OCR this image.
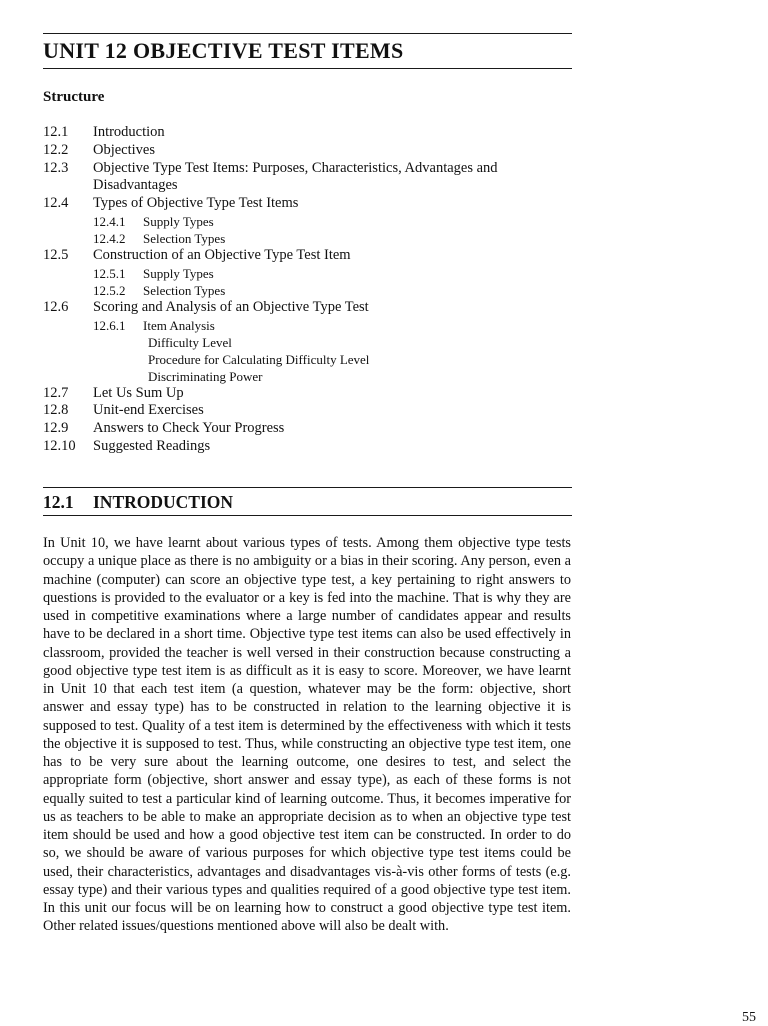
UNIT 12 OBJECTIVE TEST ITEMS
Structure
12.1	Introduction
12.2	Objectives
12.3	Objective Type Test Items: Purposes, Characteristics, Advantages and Disadvantages
12.4	Types of Objective Type Test Items
12.4.1	Supply Types
12.4.2	Selection Types
12.5	Construction of an Objective Type Test Item
12.5.1	Supply Types
12.5.2	Selection Types
12.6	Scoring and Analysis of an Objective Type Test
12.6.1	Item Analysis
Difficulty Level
Procedure for Calculating Difficulty Level
Discriminating Power
12.7	Let Us Sum Up
12.8	Unit-end Exercises
12.9	Answers to Check Your Progress
12.10	Suggested Readings
12.1 INTRODUCTION

In Unit 10, we have learnt about various types of tests. Among them objective type tests occupy a unique place as there is no ambiguity or a bias in their scoring. Any person, even a machine (computer) can score an objective type test, a key pertaining to right answers to questions is provided to the evaluator or a key is fed into the machine. That is why they are used in competitive examinations where a large number of candidates appear and results have to be declared in a short time. Objective type test items can also be used effectively in classroom, provided the teacher is well versed in their construction because constructing a good objective type test item is as difficult as it is easy to score. Moreover, we have learnt in Unit 10 that each test item (a question, whatever may be the form: objective, short answer and essay type) has to be constructed in relation to the learning objective it is supposed to test. Quality of a test item is determined by the effectiveness with which it tests the objective it is supposed to test. Thus, while constructing an objective type test item, one has to be very sure about the learning outcome, one desires to test, and select the appropriate form (objective, short answer and essay type), as each of these forms is not equally suited to test a particular kind of learning outcome. Thus, it becomes imperative for us as teachers to be able to make an appropriate decision as to when an objective type test item should be used and how a good objective test item can be constructed. In order to do so, we should be aware of various purposes for which objective type test items could be used, their characteristics, advantages and disadvantages vis-à-vis other forms of tests (e.g. essay type) and their various types and qualities required of a good objective type test item. In this unit our focus will be on learning how to construct a good objective type test item. Other related issues/questions mentioned above will also be dealt with.

55
